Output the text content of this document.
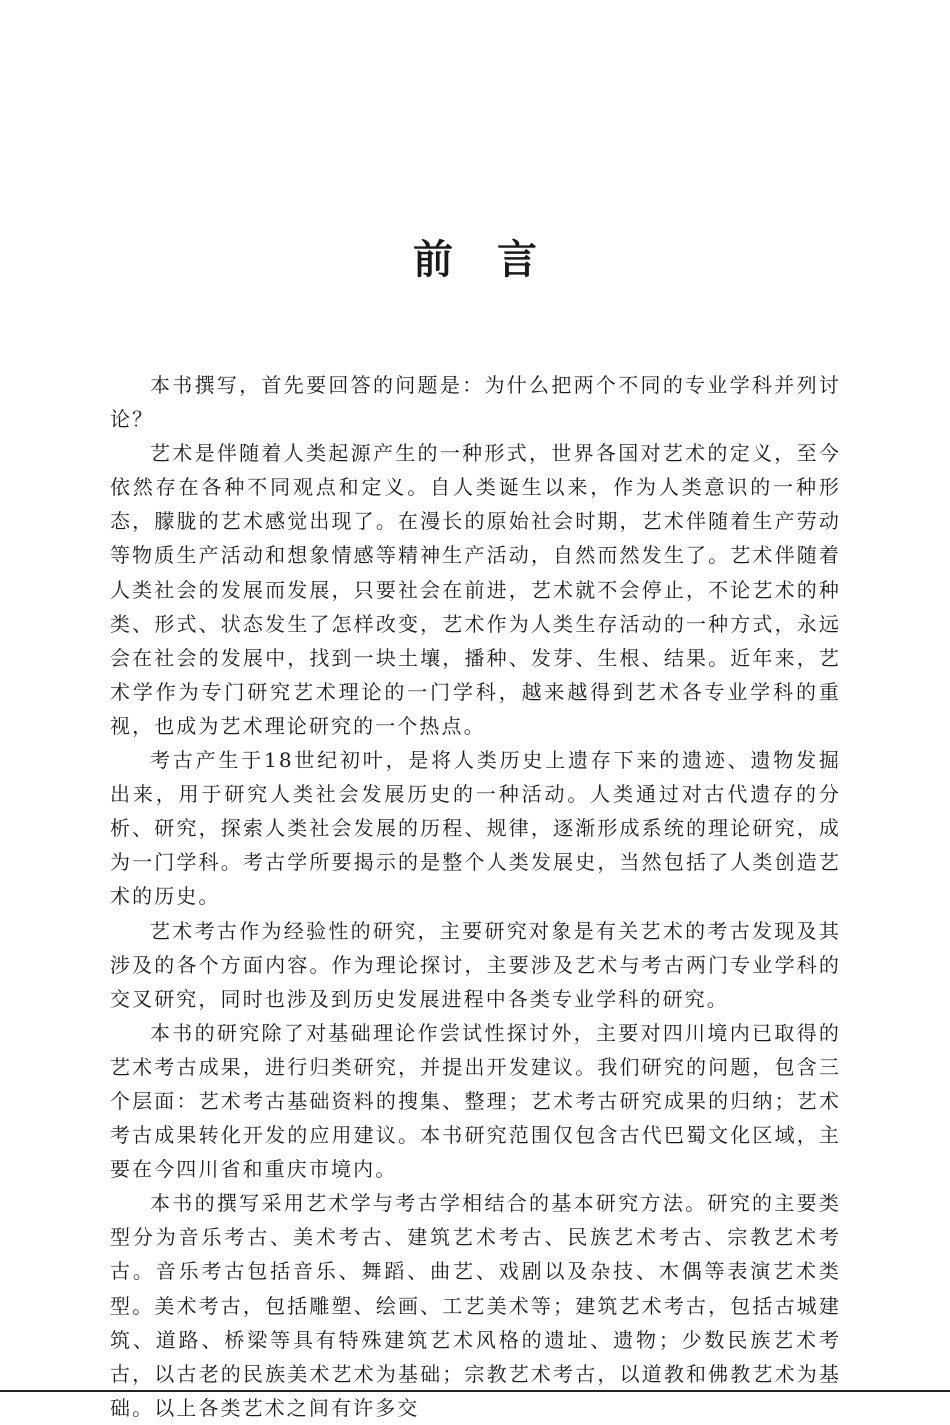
前言

本书撰写，首先要回答的问题是：为什么把两个不同的专业学科并列讨论？

艺术是伴随着人类起源产生的一种形式，世界各国对艺术的定义，至今依然存在各种不同观点和定义。自人类诞生以来，作为人类意识的一种形态，朦胧的艺术感觉出现了。在漫长的原始社会时期，艺术伴随着生产劳动等物质生产活动和想象情感等精神生产活动，自然而然发生了。艺术伴随着人类社会的发展而发展，只要社会在前进，艺术就不会停止，不论艺术的种类、形式、状态发生了怎样改变，艺术作为人类生存活动的一种方式，永远会在社会的发展中，找到一块土壤，播种、发芽、生根、结果。近年来，艺术学作为专门研究艺术理论的一门学科，越来越得到艺术各专业学科的重视，也成为艺术理论研究的一个热点。

考古产生于18世纪初叶，是将人类历史上遗存下来的遗迹、遗物发掘出来，用于研究人类社会发展历史的一种活动。人类通过对古代遗存的分析、研究，探索人类社会发展的历程、规律，逐渐形成系统的理论研究，成为一门学科。考古学所要揭示的是整个人类发展史，当然包括了人类创造艺术的历史。

艺术考古作为经验性的研究，主要研究对象是有关艺术的考古发现及其涉及的各个方面内容。作为理论探讨，主要涉及艺术与考古两门专业学科的交叉研究，同时也涉及到历史发展进程中各类专业学科的研究。

本书的研究除了对基础理论作尝试性探讨外，主要对四川境内已取得的艺术考古成果，进行归类研究，并提出开发建议。我们研究的问题，包含三个层面：艺术考古基础资料的搜集、整理；艺术考古研究成果的归纳；艺术考古成果转化开发的应用建议。本书研究范围仅包含古代巴蜀文化区域，主要在今四川省和重庆市境内。

本书的撰写采用艺术学与考古学相结合的基本研究方法。研究的主要类型分为音乐考古、美术考古、建筑艺术考古、民族艺术考古、宗教艺术考古。音乐考古包括音乐、舞蹈、曲艺、戏剧以及杂技、木偶等表演艺术类型。美术考古，包括雕塑、绘画、工艺美术等；建筑艺术考古，包括古城建筑、道路、桥梁等具有特殊建筑艺术风格的遗址、遗物；少数民族艺术考古，以古老的民族美术艺术为基础；宗教艺术考古，以道教和佛教艺术为基础。以上各类艺术之间有许多交
